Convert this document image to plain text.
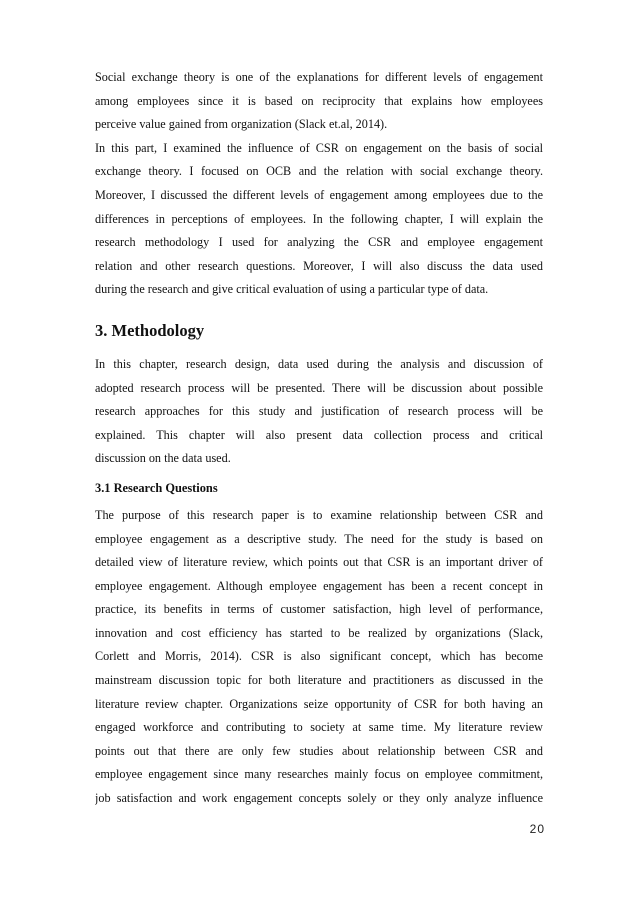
Social exchange theory is one of the explanations for different levels of engagement
among employees since it is based on reciprocity that explains how employees
perceive value gained from organization (Slack et.al, 2014).
In this part, I examined the influence of CSR on engagement on the basis of social
exchange theory. I focused on OCB and the relation with social exchange theory.
Moreover, I discussed the different levels of engagement among employees due to the
differences in perceptions of employees. In the following chapter, I will explain the
research methodology I used for analyzing the CSR and employee engagement
relation and other research questions. Moreover, I will also discuss the data used
during the research and give critical evaluation of using a particular type of data.
3. Methodology
In this chapter, research design, data used during the analysis and discussion of
adopted research process will be presented. There will be discussion about possible
research approaches for this study and justification of research process will be
explained. This chapter will also present data collection process and critical
discussion on the data used.
3.1 Research Questions
The purpose of this research paper is to examine relationship between CSR and
employee engagement as a descriptive study. The need for the study is based on
detailed view of literature review, which points out that CSR is an important driver of
employee engagement. Although employee engagement has been a recent concept in
practice, its benefits in terms of customer satisfaction, high level of performance,
innovation and cost efficiency has started to be realized by organizations (Slack,
Corlett and Morris, 2014). CSR is also significant concept, which has become
mainstream discussion topic for both literature and practitioners as discussed in the
literature review chapter. Organizations seize opportunity of CSR for both having an
engaged workforce and contributing to society at same time. My literature review
points out that there are only few studies about relationship between CSR and
employee engagement since many researches mainly focus on employee commitment,
job satisfaction and work engagement concepts solely or they only analyze influence
20
